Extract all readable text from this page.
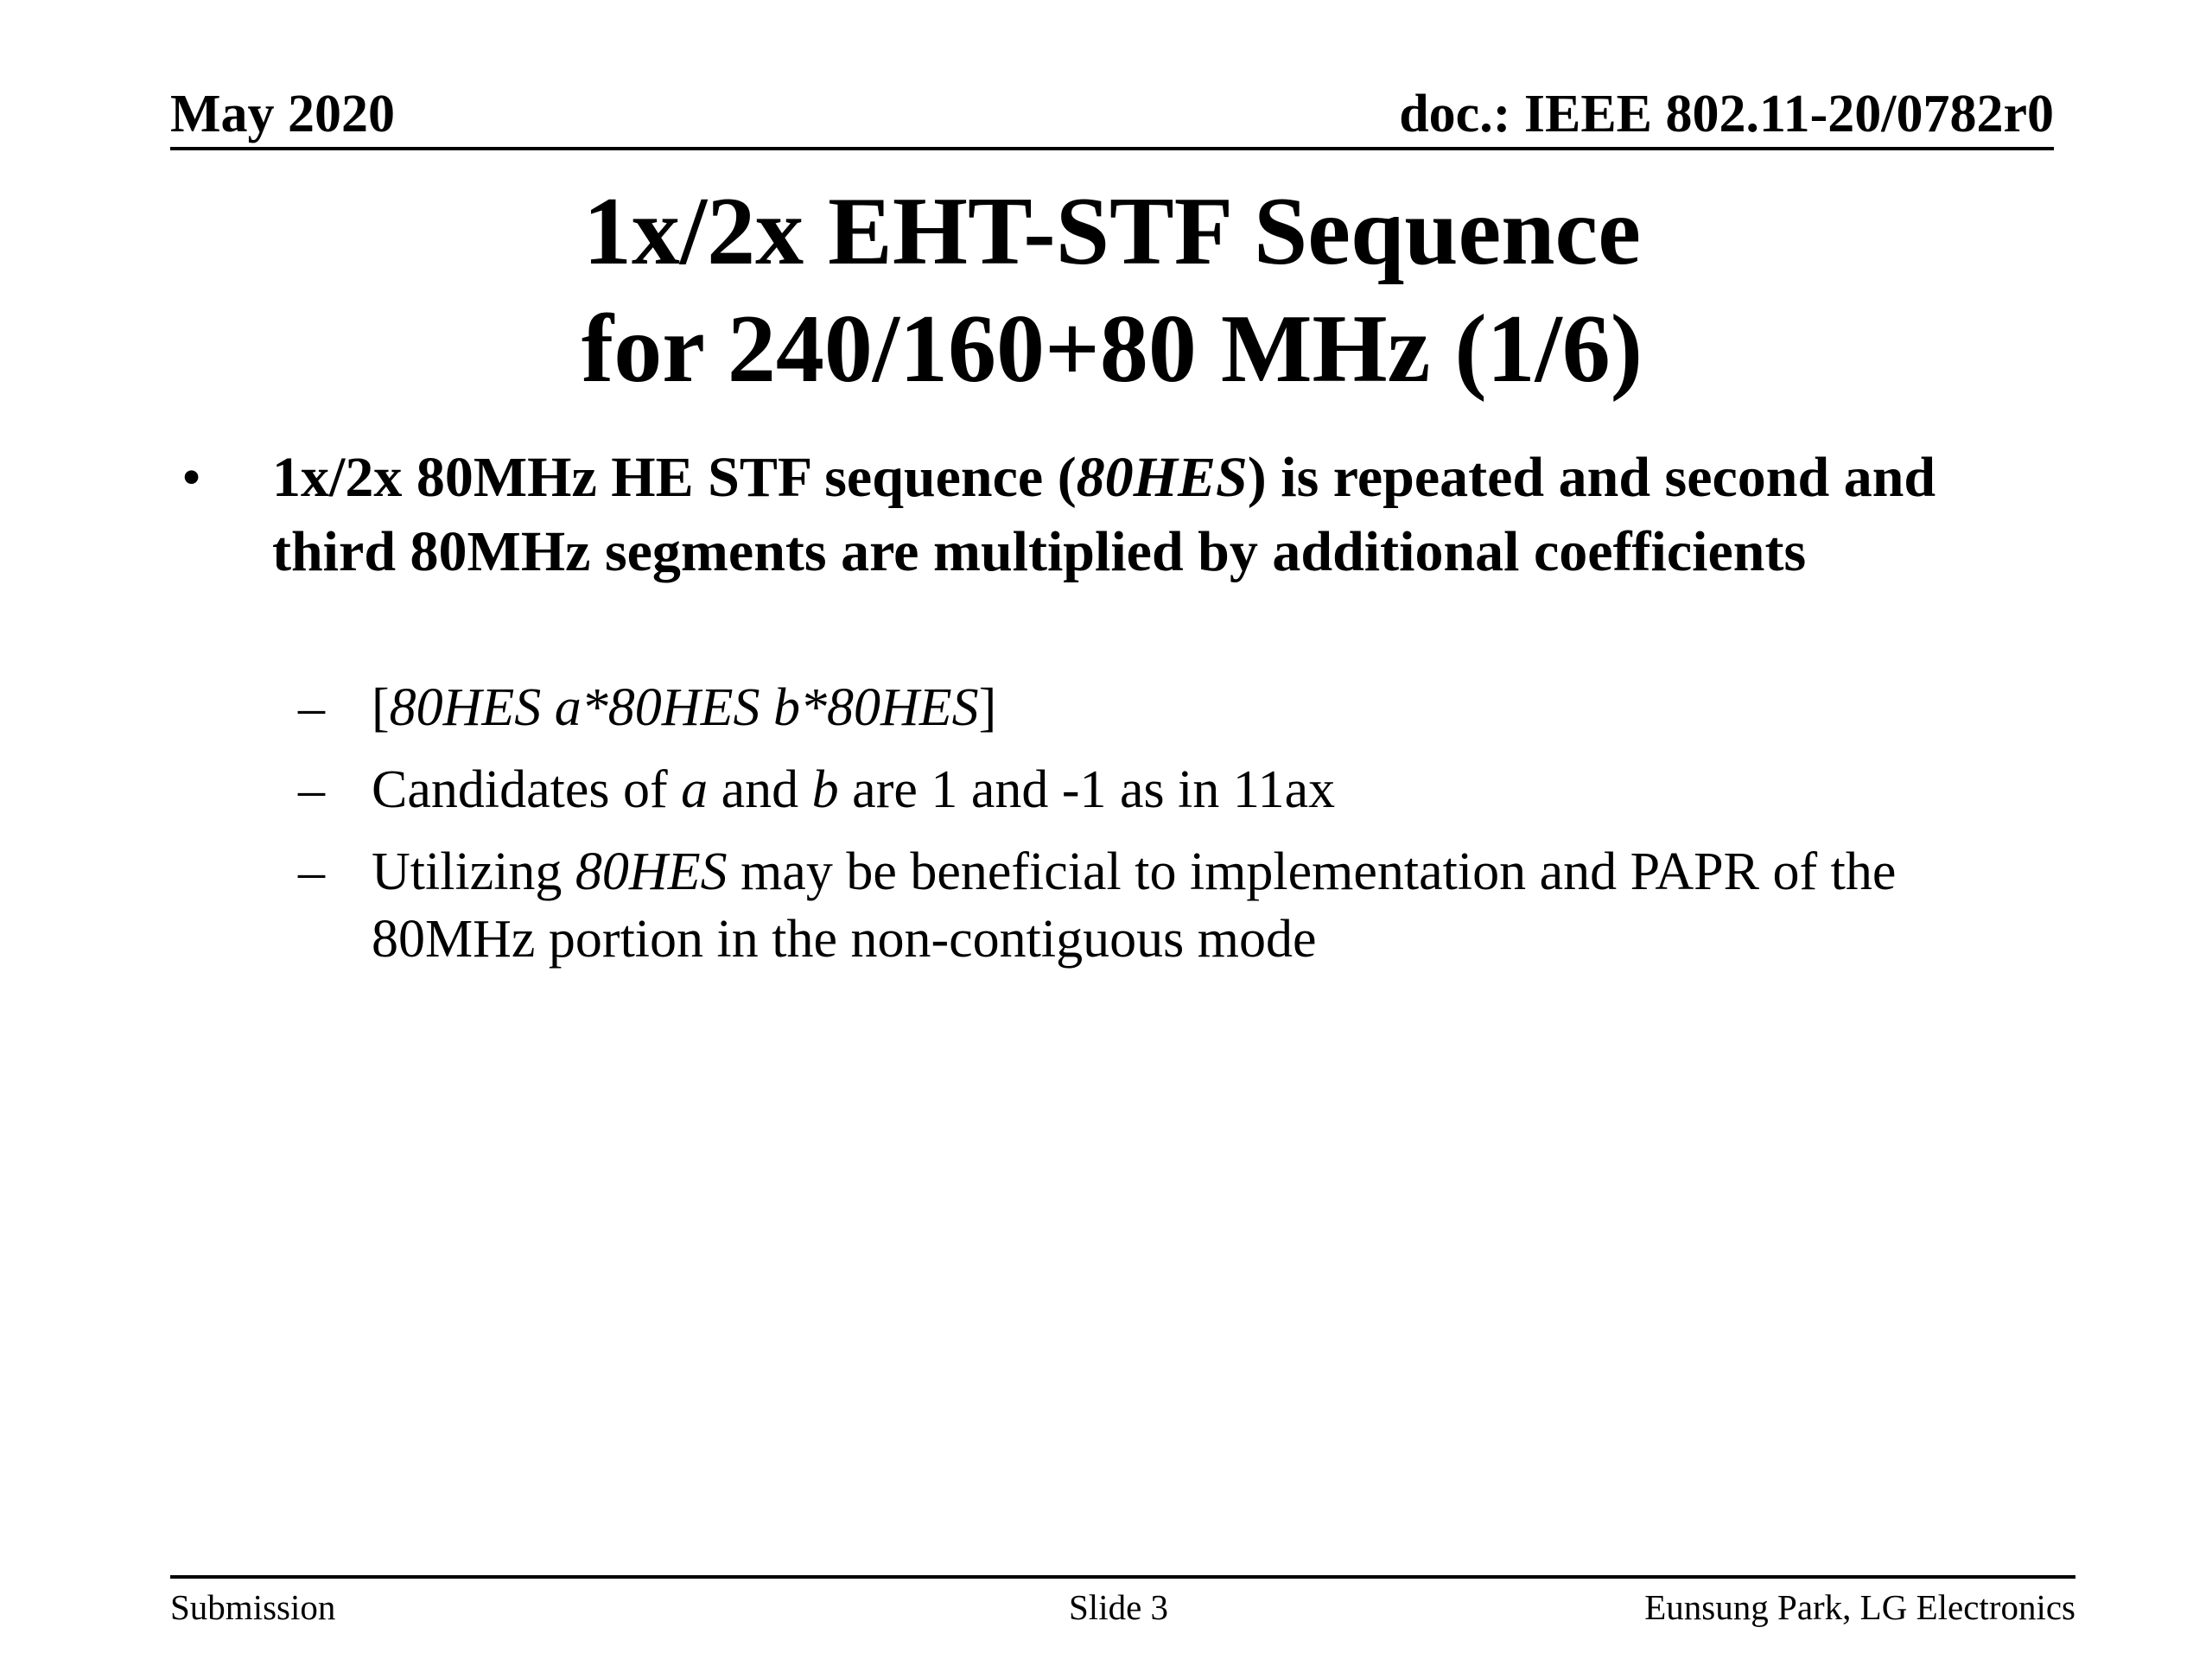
May 2020	doc.: IEEE 802.11-20/0782r0
1x/2x EHT-STF Sequence
for 240/160+80 MHz (1/6)
• 1x/2x 80MHz HE STF sequence (80HES) is repeated and second and third 80MHz segments are multiplied by additional coefficients
– [80HES a*80HES b*80HES]
– Candidates of a and b are 1 and -1 as in 11ax
– Utilizing 80HES may be beneficial to implementation and PAPR of the 80MHz portion in the non-contiguous mode
Submission	Slide 3	Eunsung Park, LG Electronics
